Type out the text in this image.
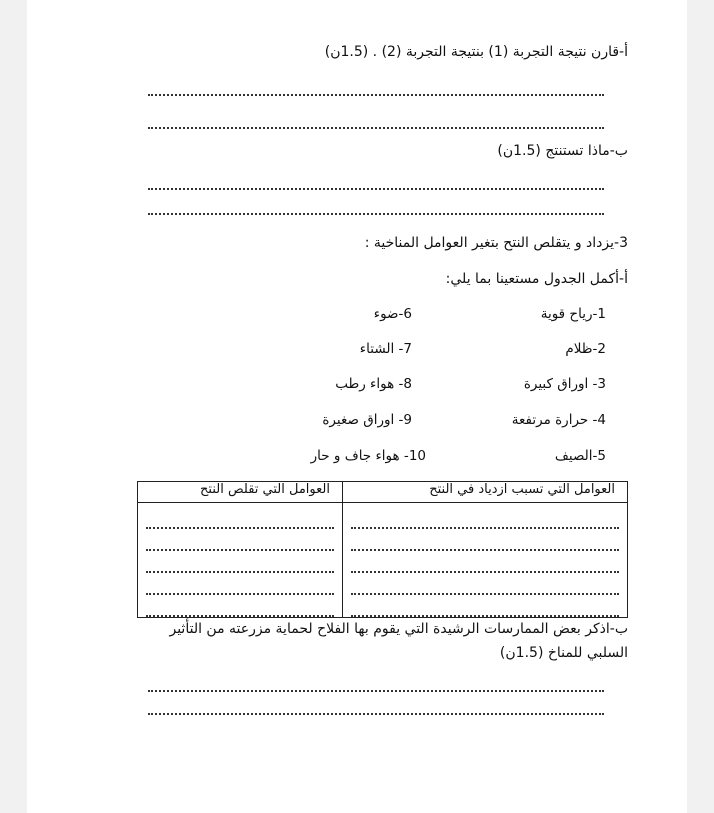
أ-قارن نتيجة التجربة (1) بنتيجة التجربة (2) . (1.5ن)
ب-ماذا تستنتج (1.5ن)
3-يزداد و يتقلص النتح بتغير العوامل المناخية :
أ-أكمل الجدول مستعينا بما يلي:
1-رياح قوية
2-ظلام
3- اوراق كبيرة
4- حرارة مرتفعة
5-الصيف
6-ضوء
7- الشتاء
8- هواء رطب
9- اوراق صغيرة
10- هواء جاف و حار
العوامل التي تسبب ازدياد في النتح	العوامل التي تقلص النتح

ب-اذكر بعض الممارسات الرشيدة التي يقوم بها الفلاح لحماية مزرعته من التأثير
السلبي للمناخ (1.5ن)
